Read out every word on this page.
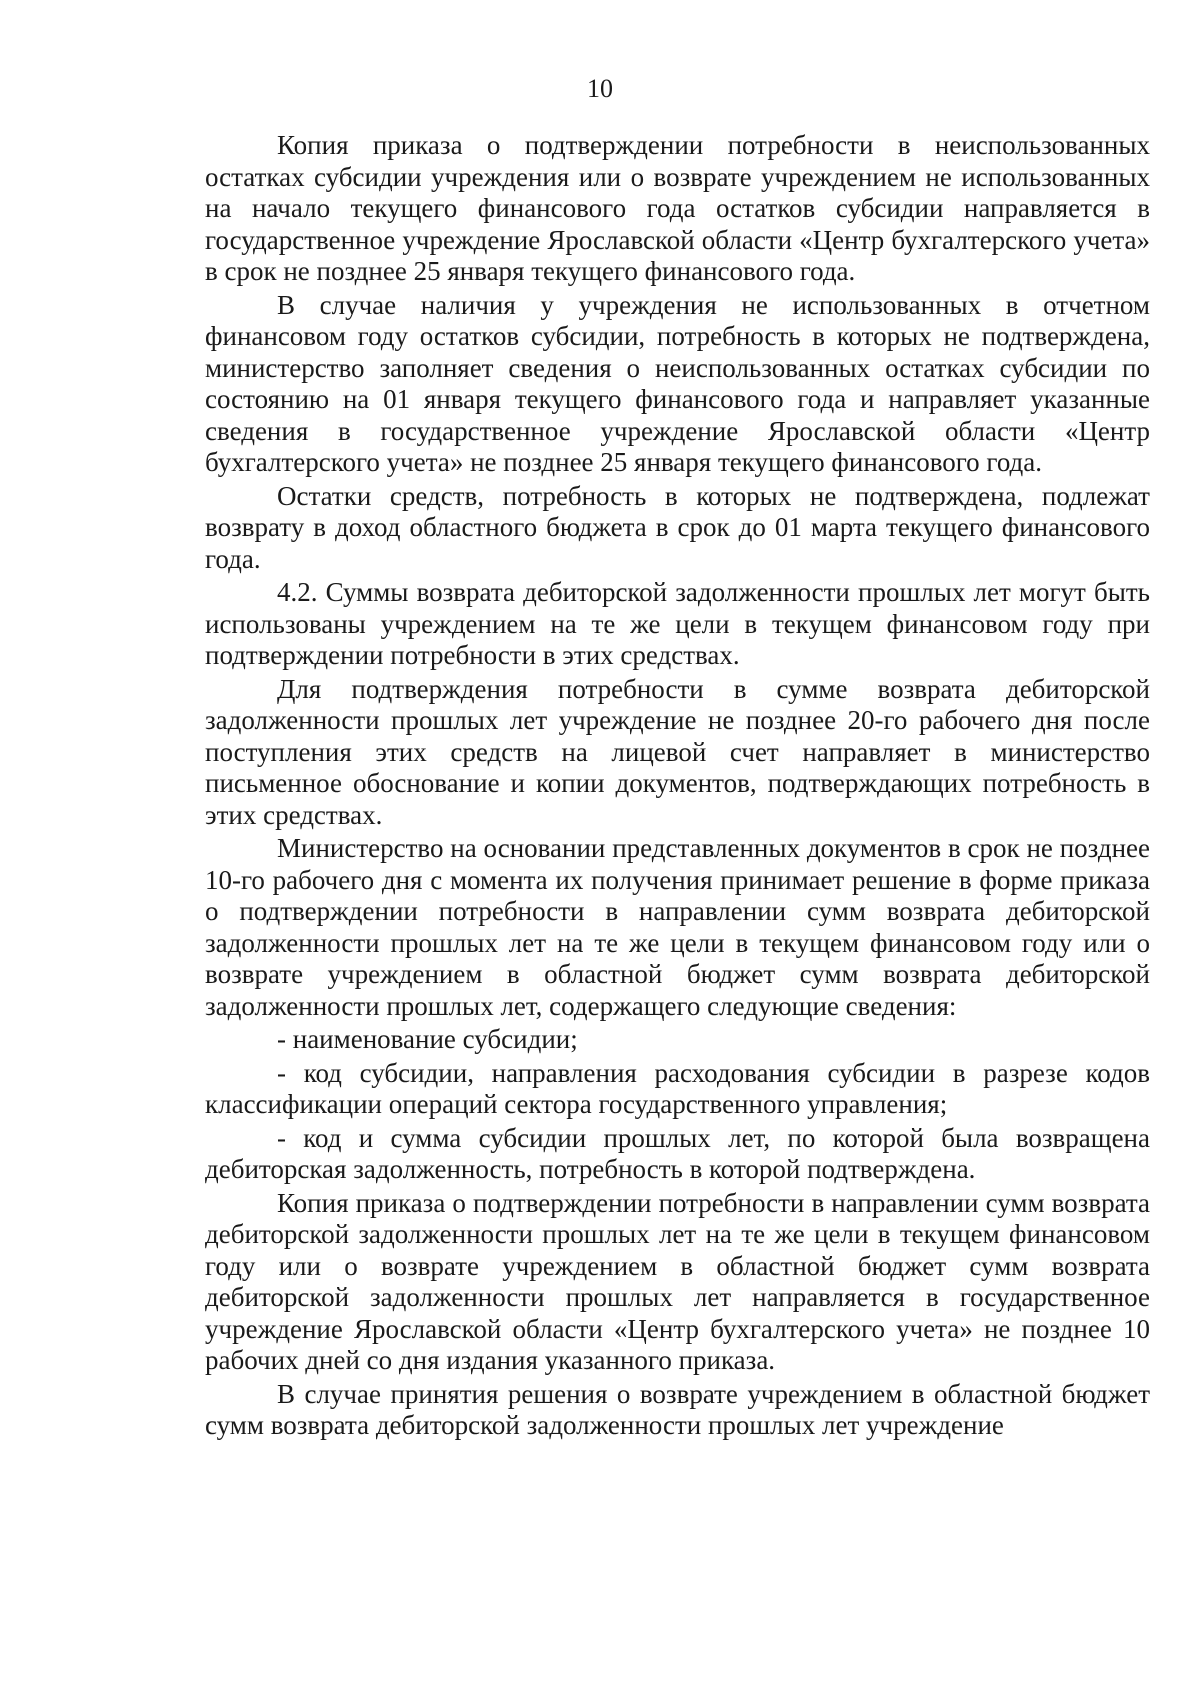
10

Копия приказа о подтверждении потребности в неиспользованных остатках субсидии учреждения или о возврате учреждением не использованных на начало текущего финансового года остатков субсидии направляется в государственное учреждение Ярославской области «Центр бухгалтерского учета» в срок не позднее 25 января текущего финансового года.

В случае наличия у учреждения не использованных в отчетном финансовом году остатков субсидии, потребность в которых не подтверждена, министерство заполняет сведения о неиспользованных остатках субсидии по состоянию на 01 января текущего финансового года и направляет указанные сведения в государственное учреждение Ярославской области «Центр бухгалтерского учета» не позднее 25 января текущего финансового года.

Остатки средств, потребность в которых не подтверждена, подлежат возврату в доход областного бюджета в срок до 01 марта текущего финансового года.

4.2. Суммы возврата дебиторской задолженности прошлых лет могут быть использованы учреждением на те же цели в текущем финансовом году при подтверждении потребности в этих средствах.

Для подтверждения потребности в сумме возврата дебиторской задолженности прошлых лет учреждение не позднее 20-го рабочего дня после поступления этих средств на лицевой счет направляет в министерство письменное обоснование и копии документов, подтверждающих потребность в этих средствах.

Министерство на основании представленных документов в срок не позднее 10-го рабочего дня с момента их получения принимает решение в форме приказа о подтверждении потребности в направлении сумм возврата дебиторской задолженности прошлых лет на те же цели в текущем финансовом году или о возврате учреждением в областной бюджет сумм возврата дебиторской задолженности прошлых лет, содержащего следующие сведения:

- наименование субсидии;

- код субсидии, направления расходования субсидии в разрезе кодов классификации операций сектора государственного управления;

- код и сумма субсидии прошлых лет, по которой была возвращена дебиторская задолженность, потребность в которой подтверждена.

Копия приказа о подтверждении потребности в направлении сумм возврата дебиторской задолженности прошлых лет на те же цели в текущем финансовом году или о возврате учреждением в областной бюджет сумм возврата дебиторской задолженности прошлых лет направляется в государственное учреждение Ярославской области «Центр бухгалтерского учета» не позднее 10 рабочих дней со дня издания указанного приказа.

В случае принятия решения о возврате учреждением в областной бюджет сумм возврата дебиторской задолженности прошлых лет учреждение
